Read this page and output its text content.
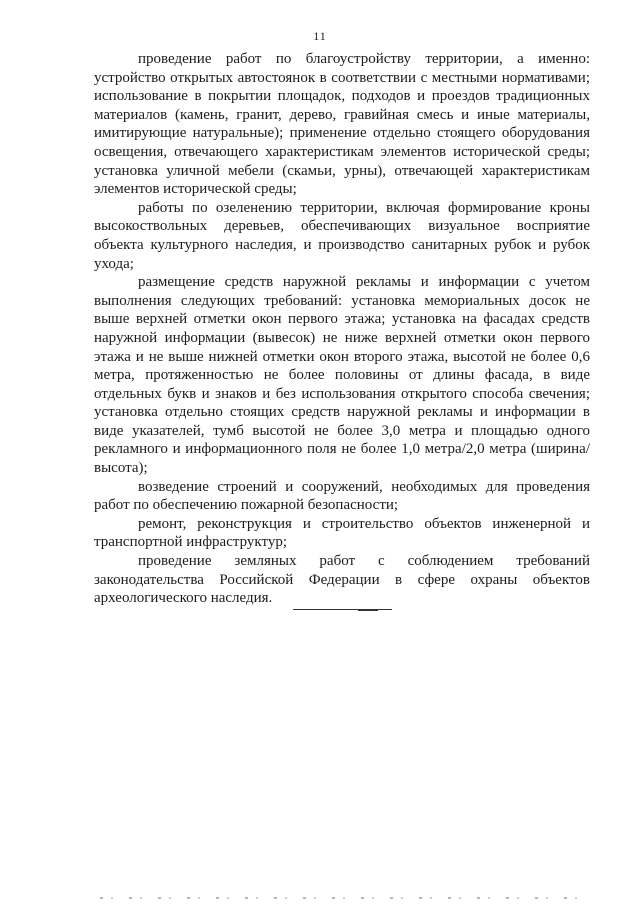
11

проведение работ по благоустройству территории, а именно: устройство открытых автостоянок в соответствии с местными нормативами; использование в покрытии площадок, подходов и проездов традиционных материалов (камень, гранит, дерево, гравийная смесь и иные материалы, имитирующие натуральные); применение отдельно стоящего оборудования освещения, отвечающего характеристикам элементов исторической среды; установка уличной мебели (скамьи, урны), отвечающей характеристикам элементов исторической среды;

работы по озеленению территории, включая формирование кроны высокоствольных деревьев, обеспечивающих визуальное восприятие объекта культурного наследия, и производство санитарных рубок и рубок ухода;

размещение средств наружной рекламы и информации с учетом выполнения следующих требований: установка мемориальных досок не выше верхней отметки окон первого этажа; установка на фасадах средств наружной информации (вывесок) не ниже верхней отметки окон первого этажа и не выше нижней отметки окон второго этажа, высотой не более 0,6 метра, протяженностью не более половины от длины фасада, в виде отдельных букв и знаков и без использования открытого способа свечения; установка отдельно стоящих средств наружной рекламы и информации в виде указателей, тумб высотой не более 3,0 метра и площадью одного рекламного и информационного поля не более 1,0 метра/2,0 метра (ширина/высота);

возведение строений и сооружений, необходимых для проведения работ по обеспечению пожарной безопасности;

ремонт, реконструкция и строительство объектов инженерной и транспортной инфраструктур;

проведение земляных работ с соблюдением требований законодательства Российской Федерации в сфере охраны объектов археологического наследия.
